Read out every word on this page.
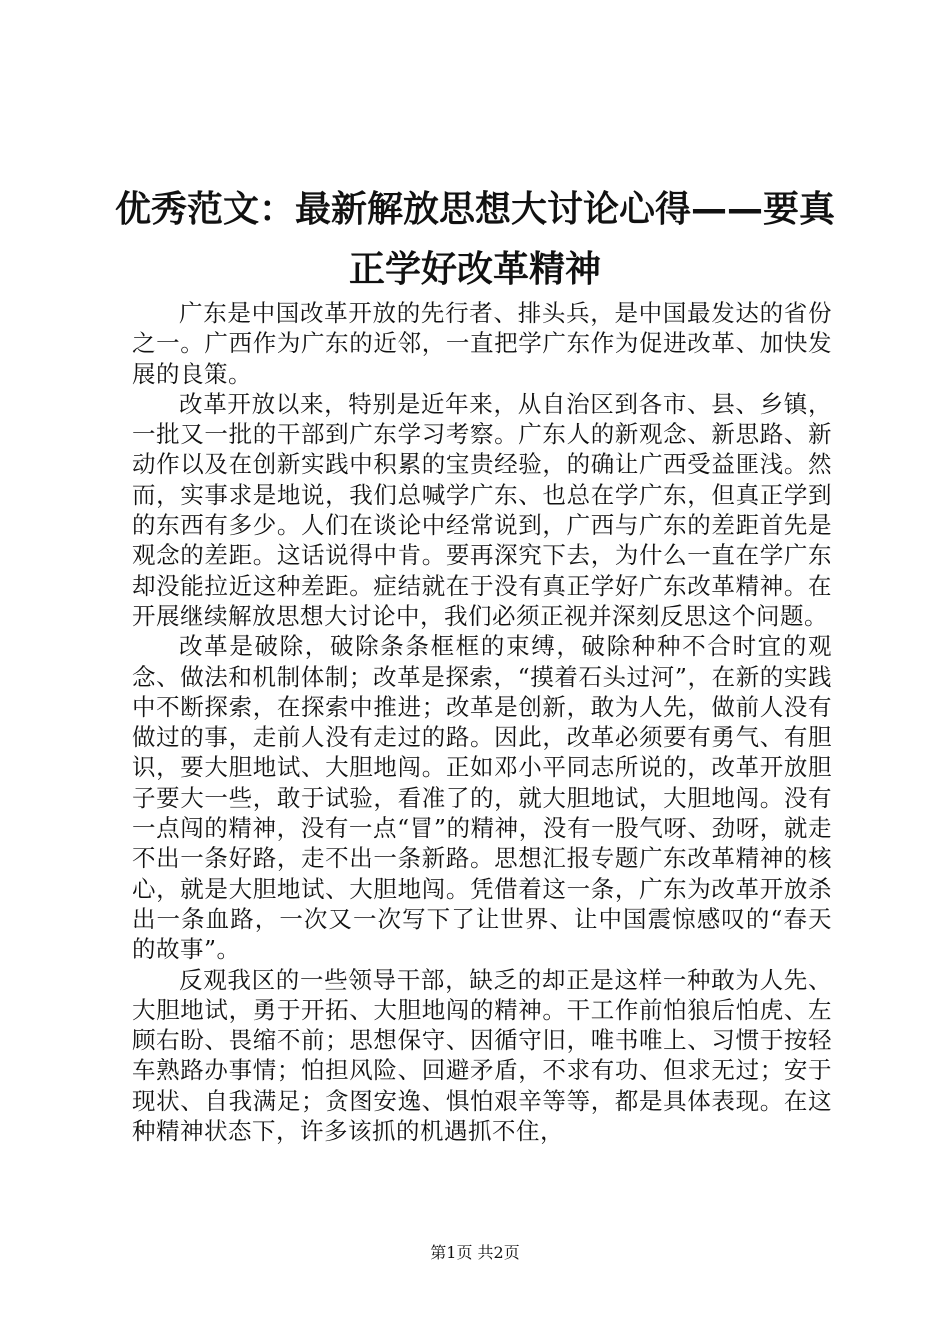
优秀范文：最新解放思想大讨论心得——要真
正学好改革精神

广东是中国改革开放的先行者、排头兵，是中国最发达的省份之一。广西作为广东的近邻，一直把学广东作为促进改革、加快发展的良策。

改革开放以来，特别是近年来，从自治区到各市、县、乡镇，一批又一批的干部到广东学习考察。广东人的新观念、新思路、新动作以及在创新实践中积累的宝贵经验，的确让广西受益匪浅。然而，实事求是地说，我们总喊学广东、也总在学广东，但真正学到的东西有多少。人们在谈论中经常说到，广西与广东的差距首先是观念的差距。这话说得中肯。要再深究下去，为什么一直在学广东却没能拉近这种差距。症结就在于没有真正学好广东改革精神。在开展继续解放思想大讨论中，我们必须正视并深刻反思这个问题。

改革是破除，破除条条框框的束缚，破除种种不合时宜的观念、做法和机制体制；改革是探索，“摸着石头过河”，在新的实践中不断探索，在探索中推进；改革是创新，敢为人先，做前人没有做过的事，走前人没有走过的路。因此，改革必须要有勇气、有胆识，要大胆地试、大胆地闯。正如邓小平同志所说的，改革开放胆子要大一些，敢于试验，看准了的，就大胆地试，大胆地闯。没有一点闯的精神，没有一点“冒”的精神，没有一股气呀、劲呀，就走不出一条好路，走不出一条新路。思想汇报专题广东改革精神的核心，就是大胆地试、大胆地闯。凭借着这一条，广东为改革开放杀出一条血路，一次又一次写下了让世界、让中国震惊感叹的“春天的故事”。

反观我区的一些领导干部，缺乏的却正是这样一种敢为人先、大胆地试，勇于开拓、大胆地闯的精神。干工作前怕狼后怕虎、左顾右盼、畏缩不前；思想保守、因循守旧，唯书唯上、习惯于按轻车熟路办事情；怕担风险、回避矛盾，不求有功、但求无过；安于现状、自我满足；贪图安逸、惧怕艰辛等等，都是具体表现。在这种精神状态下，许多该抓的机遇抓不住，

第1页 共2页
